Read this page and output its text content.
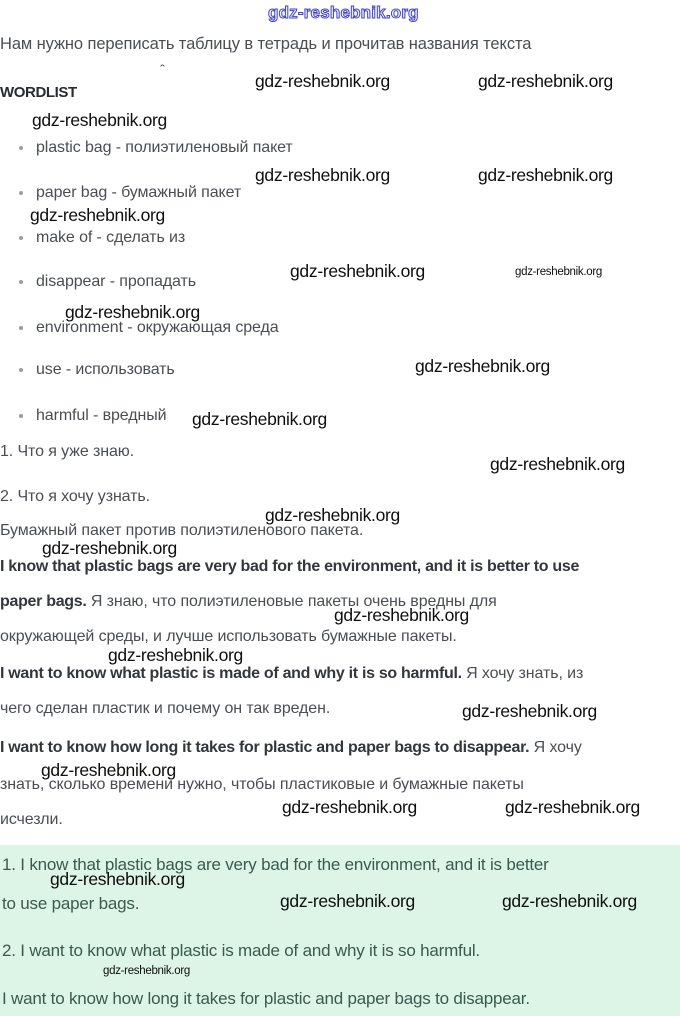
gdz-reshebnik.org
gdz-reshebnik.org	gdz-reshebnik.org
gdz-reshebnik.org
gdz-reshebnik.org	gdz-reshebnik.org
gdz-reshebnik.org
gdz-reshebnik.org	gdz-reshebnik.org
gdz-reshebnik.org
gdz-reshebnik.org
gdz-reshebnik.org
gdz-reshebnik.org
gdz-reshebnik.org
gdz-reshebnik.org
gdz-reshebnik.org
gdz-reshebnik.org
gdz-reshebnik.org
gdz-reshebnik.org
gdz-reshebnik.org	gdz-reshebnik.org
Нам нужно переписать таблицу в тетрадь и прочитав названия текста
ˆ
WORDLIST
plastic bag - полиэтиленовый пакет
paper bag - бумажный пакет
make of - сделать из
disappear - пропадать
environment - окружающая среда
use - использовать
harmful - вредный
1. Что я уже знаю.
2. Что я хочу узнать.
Бумажный пакет против полиэтиленового пакета.
I know that plastic bags are very bad for the environment, and it is better to use
paper bags. Я знаю, что полиэтиленовые пакеты очень вредны для
окружающей среды, и лучше использовать бумажные пакеты.
I want to know what plastic is made of and why it is so harmful. Я хочу знать, из
чего сделан пластик и почему он так вреден.
I want to know how long it takes for plastic and paper bags to disappear. Я хочу
знать, сколько времени нужно, чтобы пластиковые и бумажные пакеты
исчезли.
1. I know that plastic bags are very bad for the environment, and it is better
to use paper bags.
2. I want to know what plastic is made of and why it is so harmful.
I want to know how long it takes for plastic and paper bags to disappear.
gdz-reshebnik.org
gdz-reshebnik.org	gdz-reshebnik.org
gdz-reshebnik.org
